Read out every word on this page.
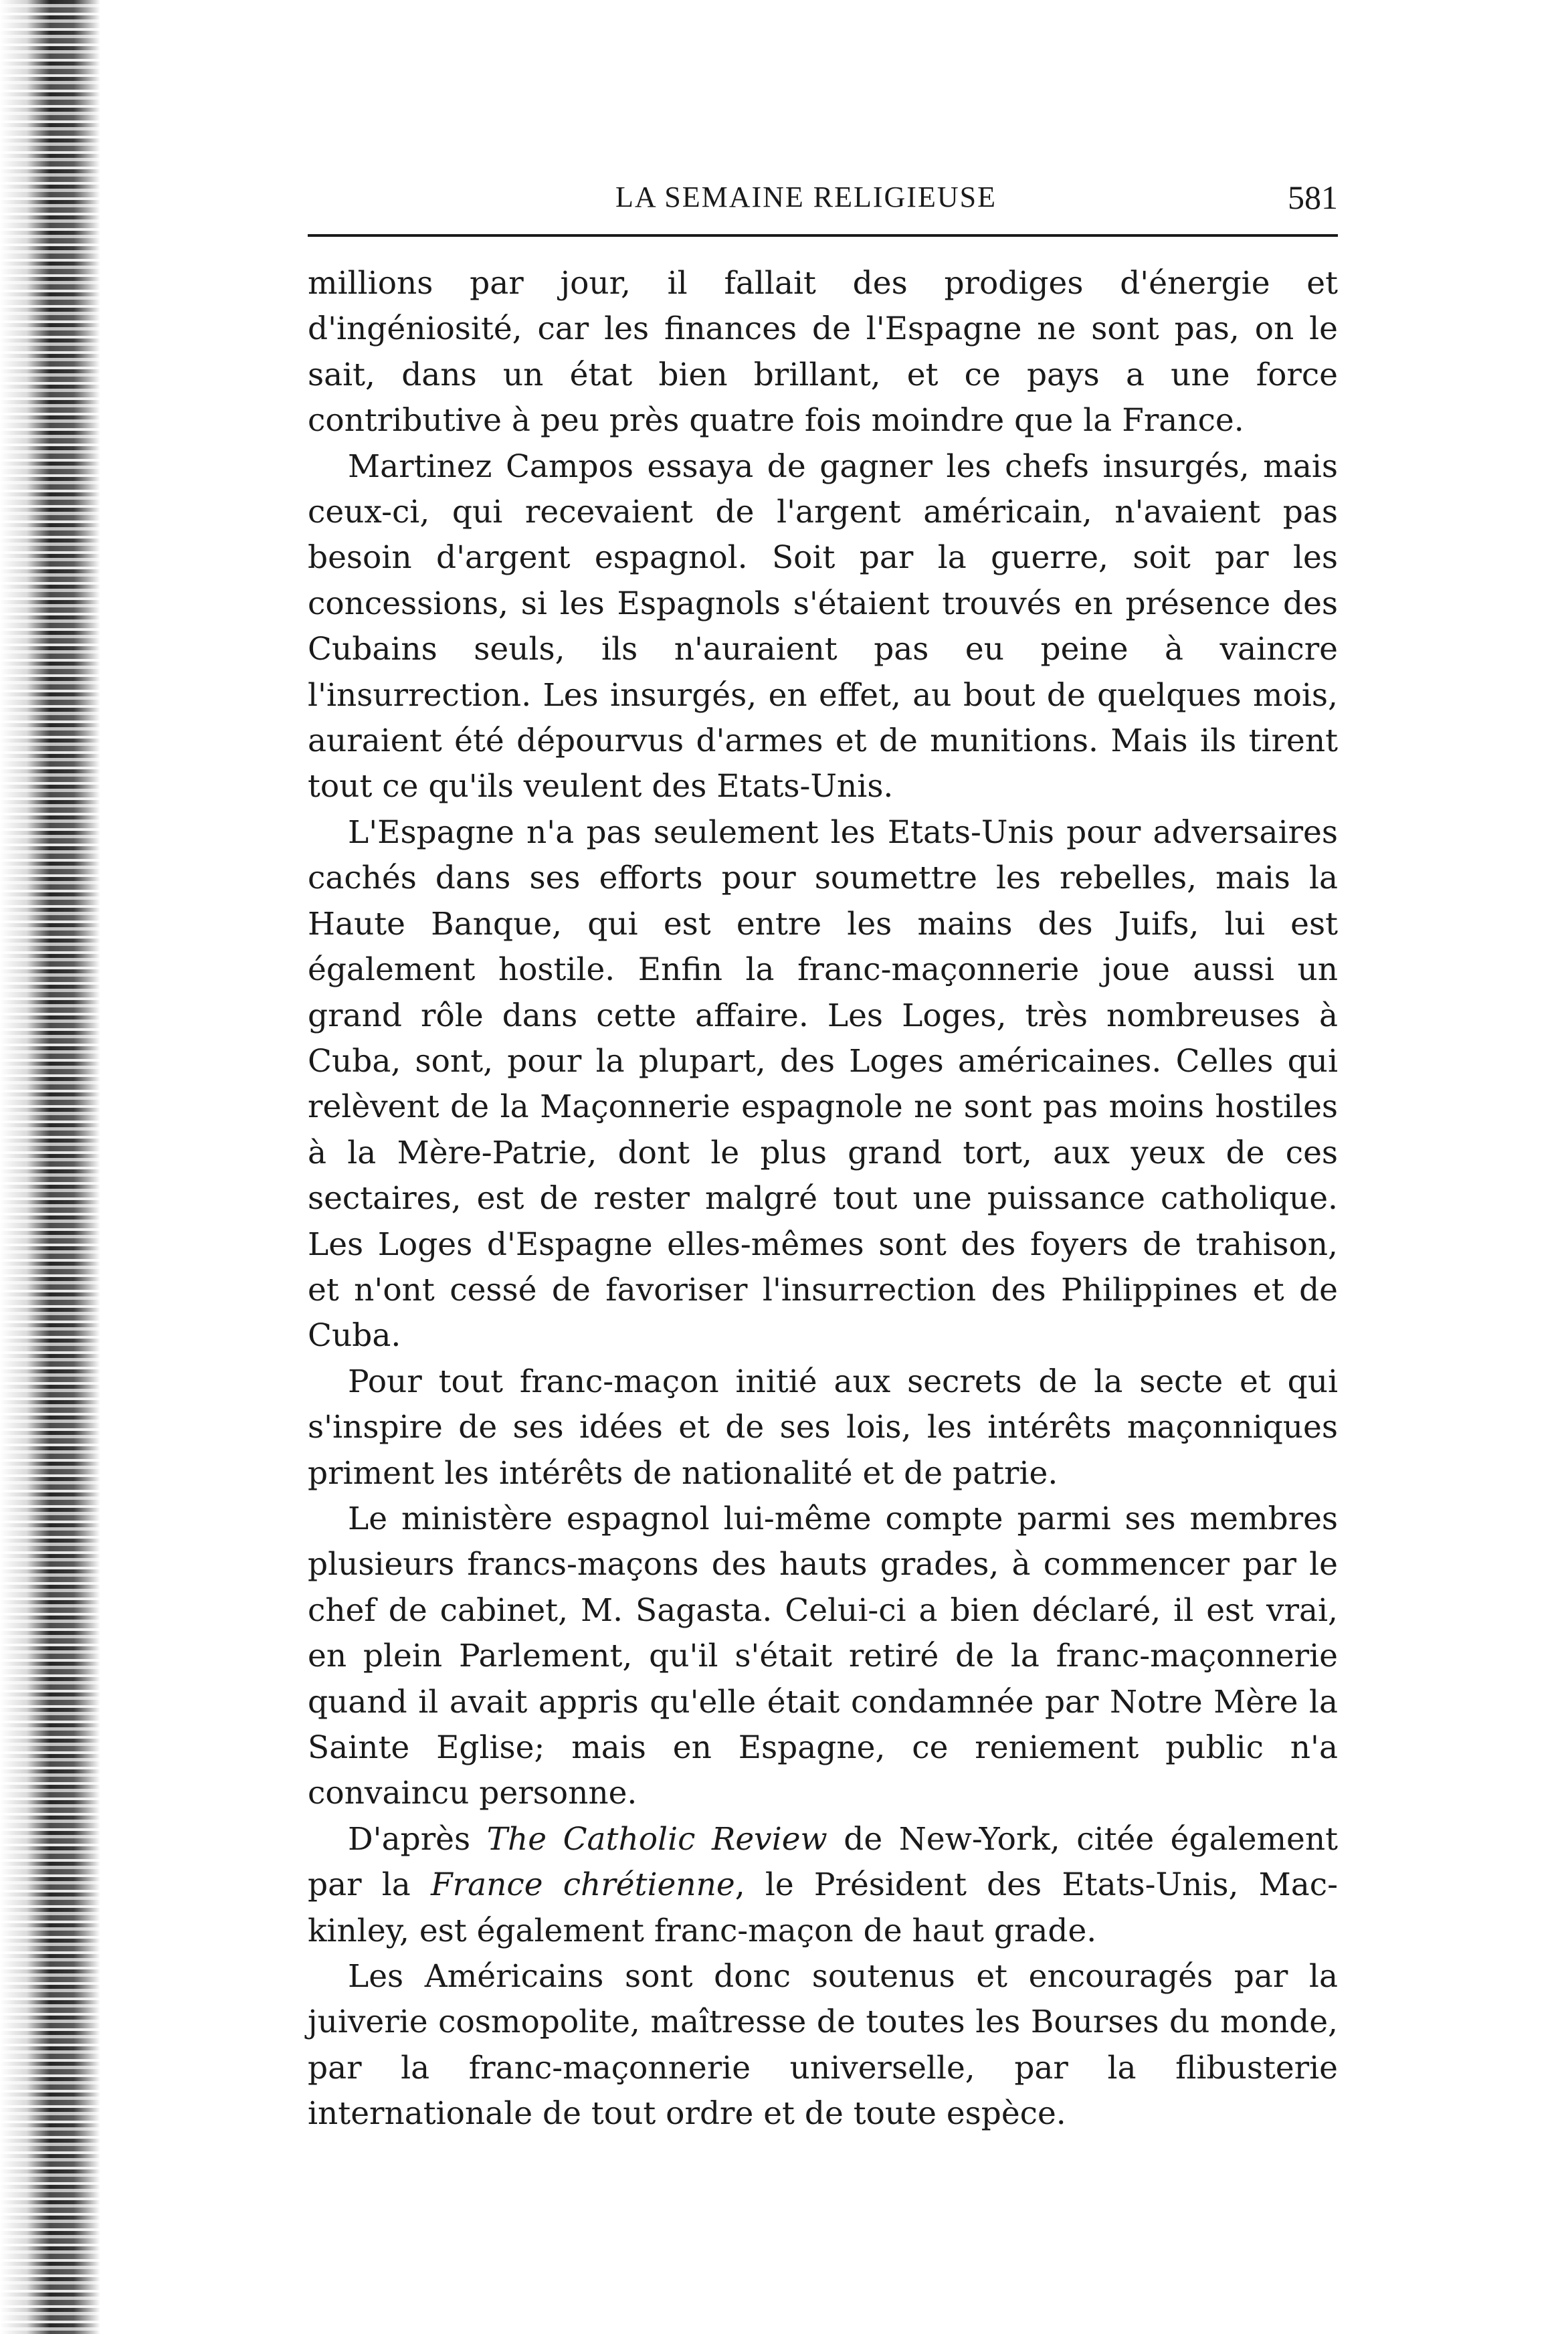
LA SEMAINE RELIGIEUSE	581

millions par jour, il fallait des prodiges d'énergie et d'ingéniosité, car les finances de l'Espagne ne sont pas, on le sait, dans un état bien brillant, et ce pays a une force contributive à peu près quatre fois moindre que la France.

Martinez Campos essaya de gagner les chefs insurgés, mais ceux-ci, qui recevaient de l'argent américain, n'avaient pas besoin d'argent espagnol. Soit par la guerre, soit par les concessions, si les Espagnols s'étaient trouvés en présence des Cubains seuls, ils n'auraient pas eu peine à vaincre l'insurrection. Les insurgés, en effet, au bout de quelques mois, auraient été dépourvus d'armes et de munitions. Mais ils tirent tout ce qu'ils veulent des Etats-Unis.

L'Espagne n'a pas seulement les Etats-Unis pour adversaires cachés dans ses efforts pour soumettre les rebelles, mais la Haute Banque, qui est entre les mains des Juifs, lui est également hostile. Enfin la franc-maçonnerie joue aussi un grand rôle dans cette affaire. Les Loges, très nombreuses à Cuba, sont, pour la plupart, des Loges américaines. Celles qui relèvent de la Maçonnerie espagnole ne sont pas moins hostiles à la Mère-Patrie, dont le plus grand tort, aux yeux de ces sectaires, est de rester malgré tout une puissance catholique. Les Loges d'Espagne elles-mêmes sont des foyers de trahison, et n'ont cessé de favoriser l'insurrection des Philippines et de Cuba.

Pour tout franc-maçon initié aux secrets de la secte et qui s'inspire de ses idées et de ses lois, les intérêts maçonniques priment les intérêts de nationalité et de patrie.

Le ministère espagnol lui-même compte parmi ses membres plusieurs francs-maçons des hauts grades, à commencer par le chef de cabinet, M. Sagasta. Celui-ci a bien déclaré, il est vrai, en plein Parlement, qu'il s'était retiré de la franc-maçonnerie quand il avait appris qu'elle était condamnée par Notre Mère la Sainte Eglise; mais en Espagne, ce reniement public n'a convaincu personne.

D'après The Catholic Review de New-York, citée également par la France chrétienne, le Président des Etats-Unis, Mac-kinley, est également franc-maçon de haut grade.

Les Américains sont donc soutenus et encouragés par la juiverie cosmopolite, maîtresse de toutes les Bourses du monde, par la franc-maçonnerie universelle, par la flibusterie internationale de tout ordre et de toute espèce.
